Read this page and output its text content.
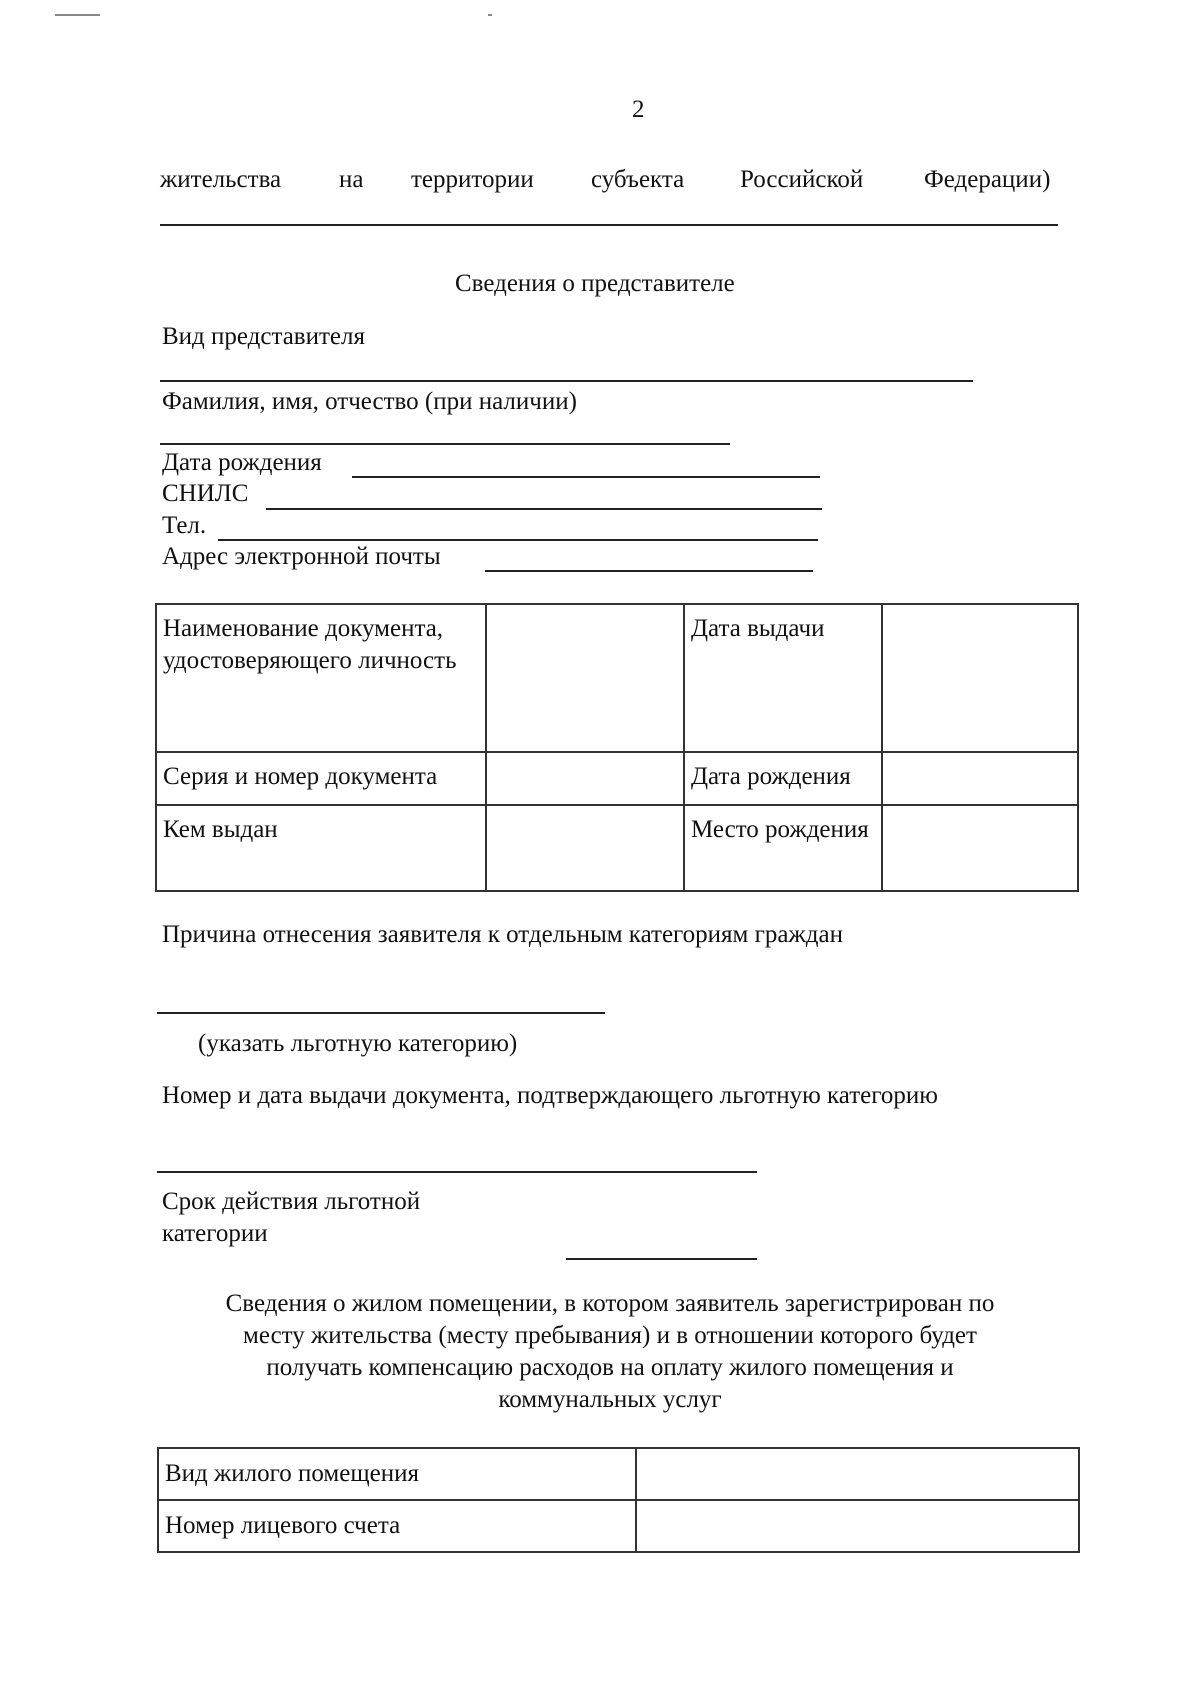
2
жительства на территории субъекта Российской Федерации)
Сведения о представителе
Вид представителя
Фамилия, имя, отчество (при наличии)
Дата рождения
СНИЛС
Тел.
Адрес электронной почты
Наименование документа, удостоверяющего личность		Дата выдачи	
Серия и номер документа		Дата рождения	
Кем выдан		Место рождения	
Причина отнесения заявителя к отдельным категориям граждан
(указать льготную категорию)
Номер и дата выдачи документа, подтверждающего льготную категорию
Срок действия льготной
категории
Сведения о жилом помещении, в котором заявитель зарегистрирован по
месту жительства (месту пребывания) и в отношении которого будет
получать компенсацию расходов на оплату жилого помещения и
коммунальных услуг
Вид жилого помещения	
Номер лицевого счета	
